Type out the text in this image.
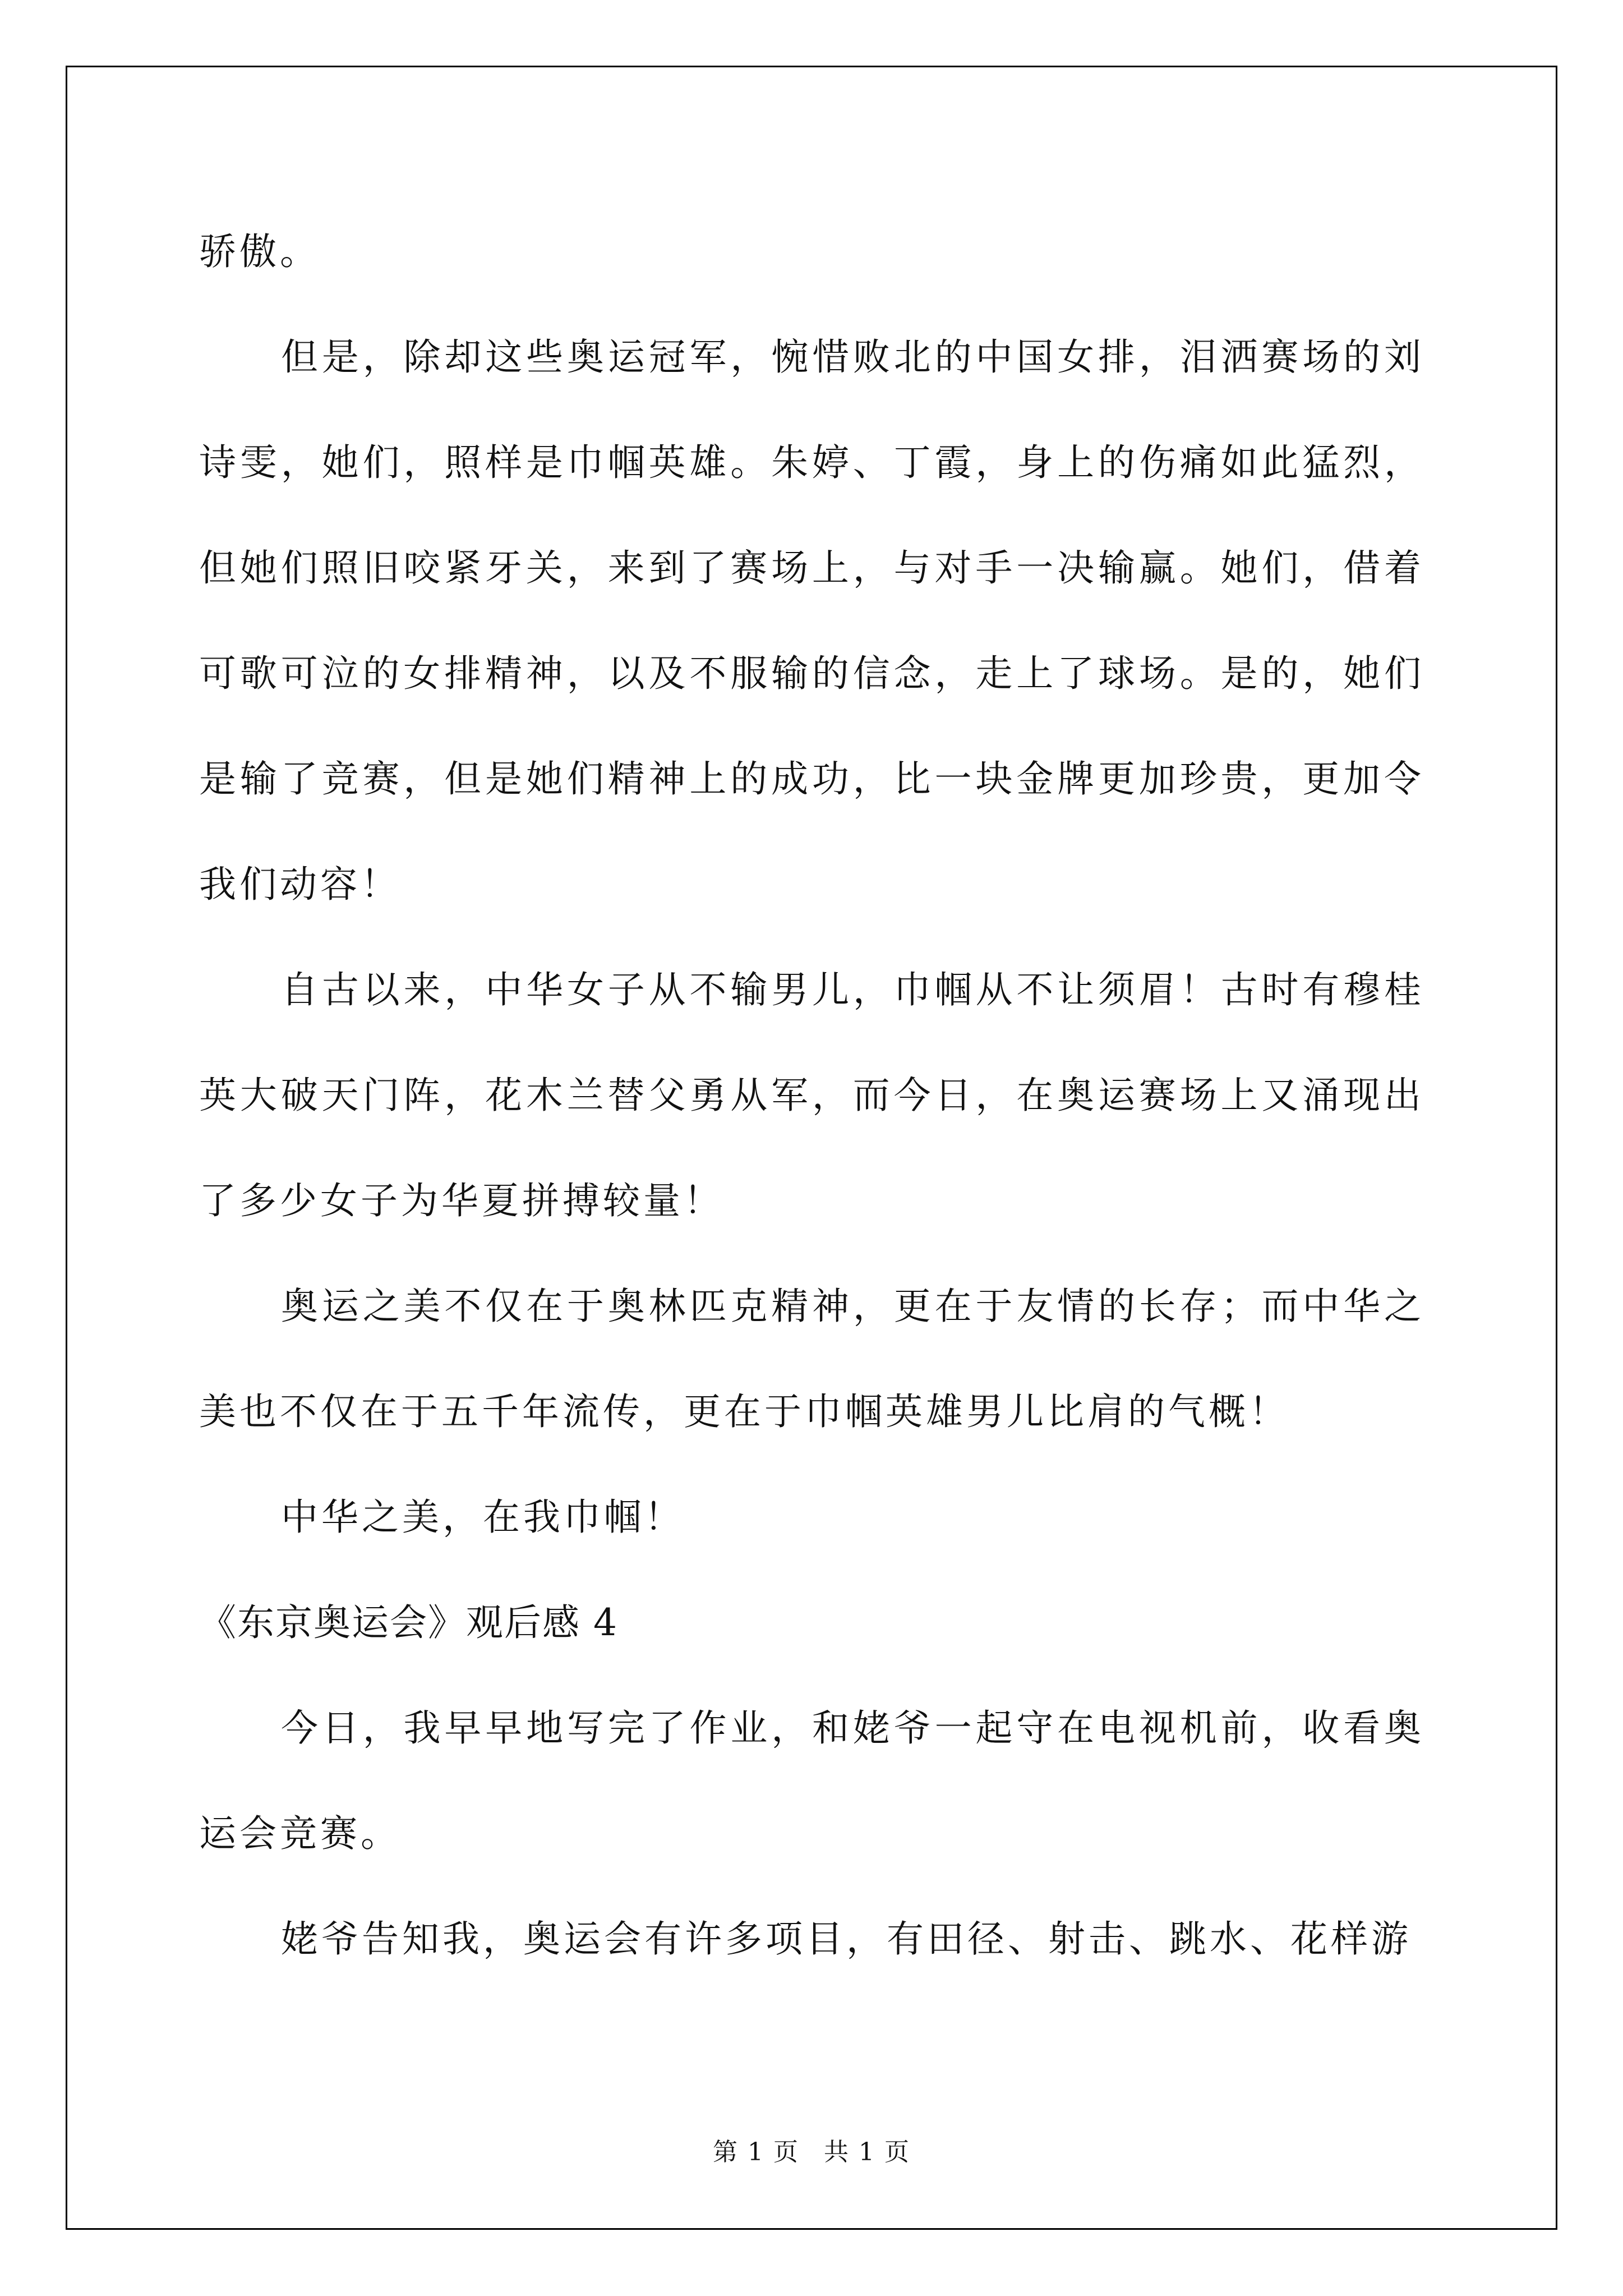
骄傲。

但是，除却这些奥运冠军，惋惜败北的中国女排，泪洒赛场的刘诗雯，她们，照样是巾帼英雄。朱婷、丁霞，身上的伤痛如此猛烈，但她们照旧咬紧牙关，来到了赛场上，与对手一决输赢。她们，借着可歌可泣的女排精神，以及不服输的信念，走上了球场。是的，她们是输了竞赛，但是她们精神上的成功，比一块金牌更加珍贵，更加令我们动容！

自古以来，中华女子从不输男儿，巾帼从不让须眉！古时有穆桂英大破天门阵，花木兰替父勇从军，而今日，在奥运赛场上又涌现出了多少女子为华夏拼搏较量！

奥运之美不仅在于奥林匹克精神，更在于友情的长存；而中华之美也不仅在于五千年流传，更在于巾帼英雄男儿比肩的气概！

中华之美，在我巾帼！

《东京奥运会》观后感 4

今日，我早早地写完了作业，和姥爷一起守在电视机前，收看奥运会竞赛。

姥爷告知我，奥运会有许多项目，有田径、射击、跳水、花样游

第 1 页 共 1 页
